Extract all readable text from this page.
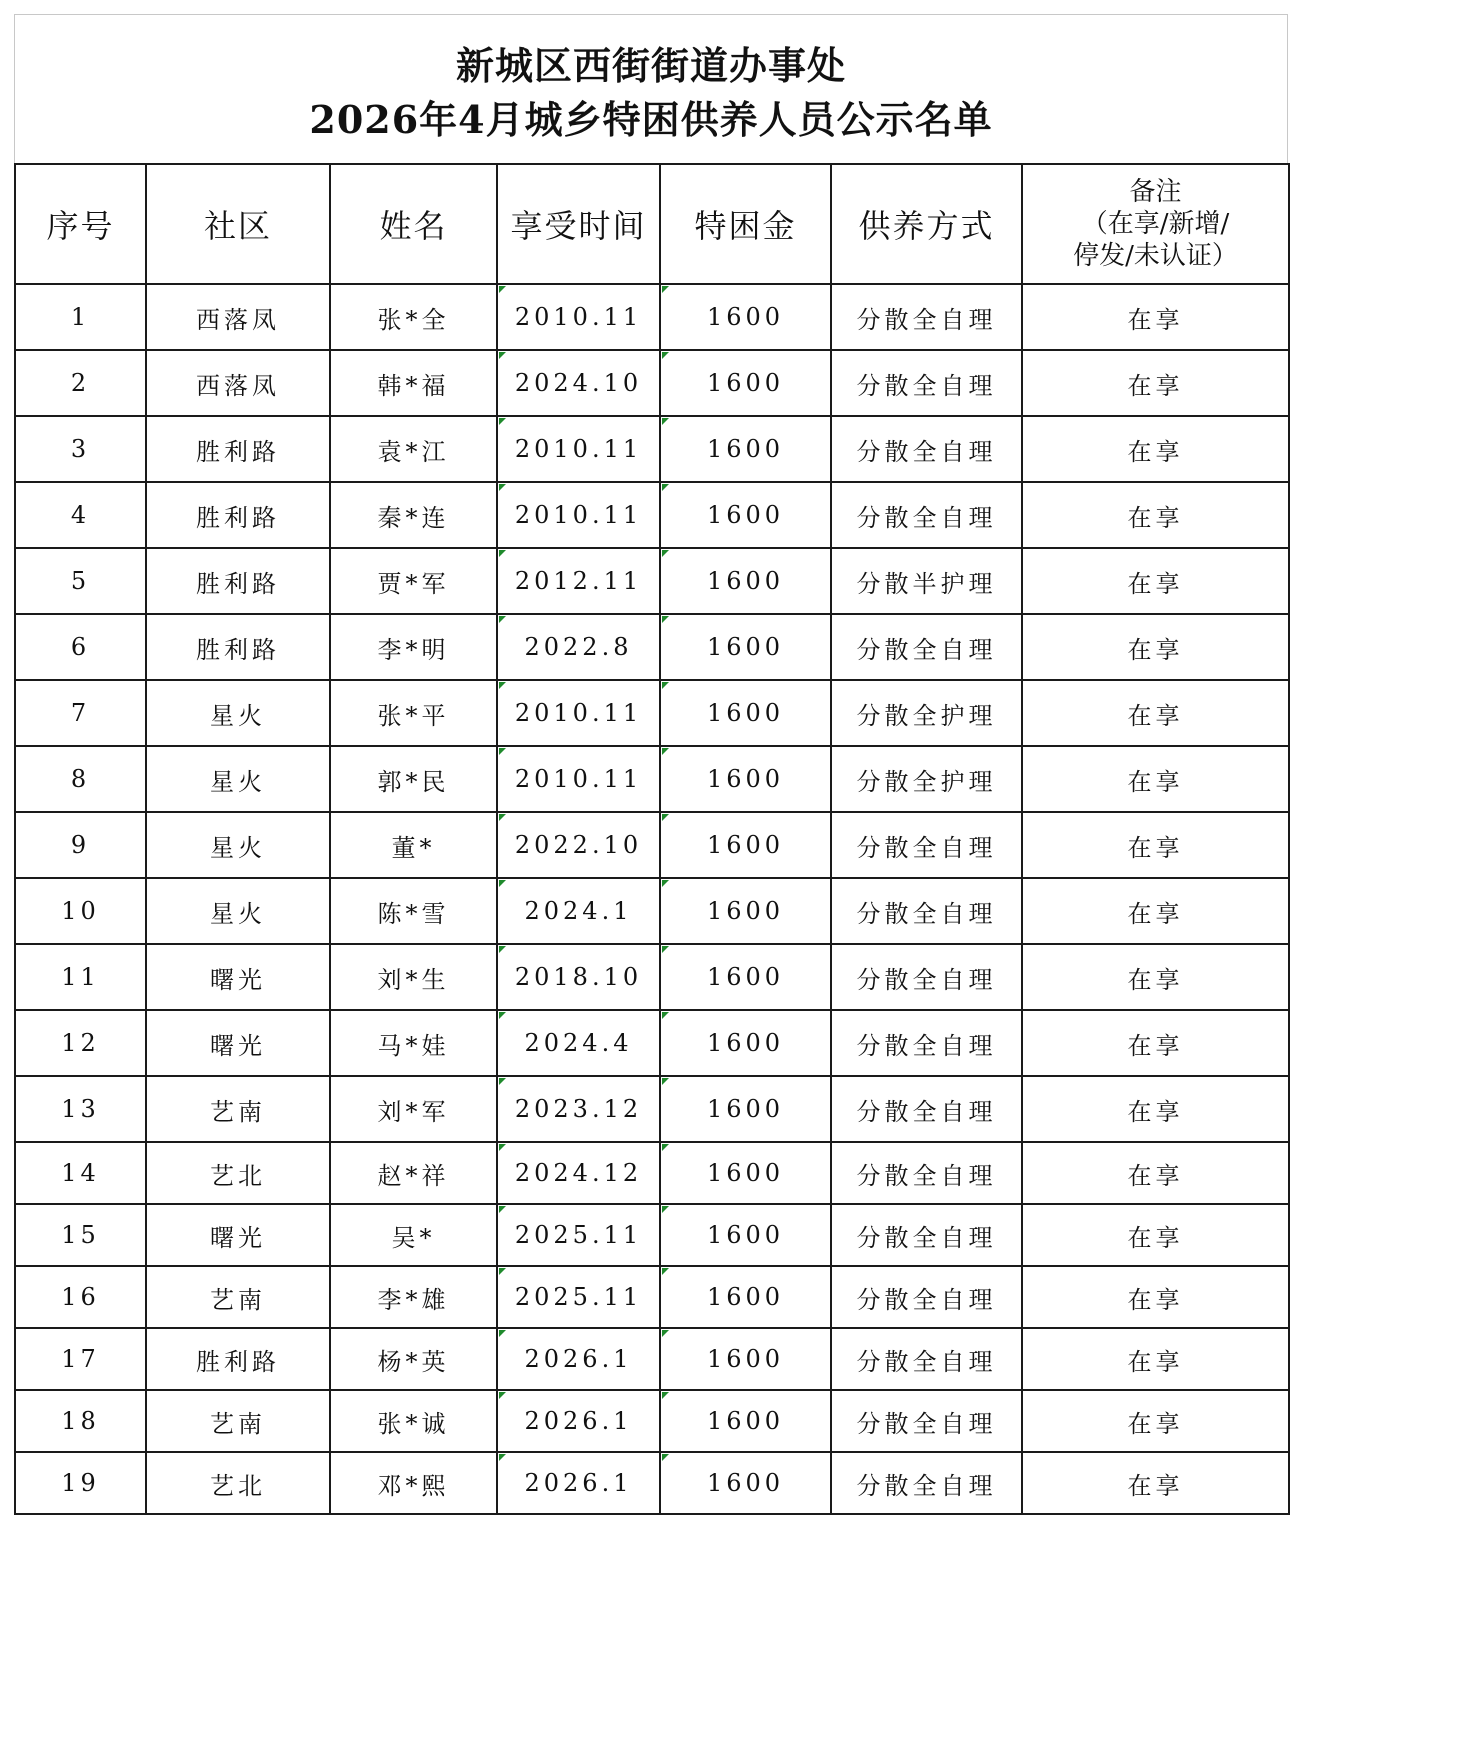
新城区西街街道办事处
2026年4月城乡特困供养人员公示名单
序号	社区	姓名	享受时间	特困金	供养方式	备注
（在享/新增/
停发/未认证）

1	西落凤	张*全	2010.11	1600	分散全自理	在享
2	西落凤	韩*福	2024.10	1600	分散全自理	在享
3	胜利路	袁*江	2010.11	1600	分散全自理	在享
4	胜利路	秦*连	2010.11	1600	分散全自理	在享
5	胜利路	贾*军	2012.11	1600	分散半护理	在享
6	胜利路	李*明	2022.8	1600	分散全自理	在享
7	星火	张*平	2010.11	1600	分散全护理	在享
8	星火	郭*民	2010.11	1600	分散全护理	在享
9	星火	董*	2022.10	1600	分散全自理	在享
10	星火	陈*雪	2024.1	1600	分散全自理	在享
11	曙光	刘*生	2018.10	1600	分散全自理	在享
12	曙光	马*娃	2024.4	1600	分散全自理	在享
13	艺南	刘*军	2023.12	1600	分散全自理	在享
14	艺北	赵*祥	2024.12	1600	分散全自理	在享
15	曙光	吴*	2025.11	1600	分散全自理	在享
16	艺南	李*雄	2025.11	1600	分散全自理	在享
17	胜利路	杨*英	2026.1	1600	分散全自理	在享
18	艺南	张*诚	2026.1	1600	分散全自理	在享
19	艺北	邓*熙	2026.1	1600	分散全自理	在享
